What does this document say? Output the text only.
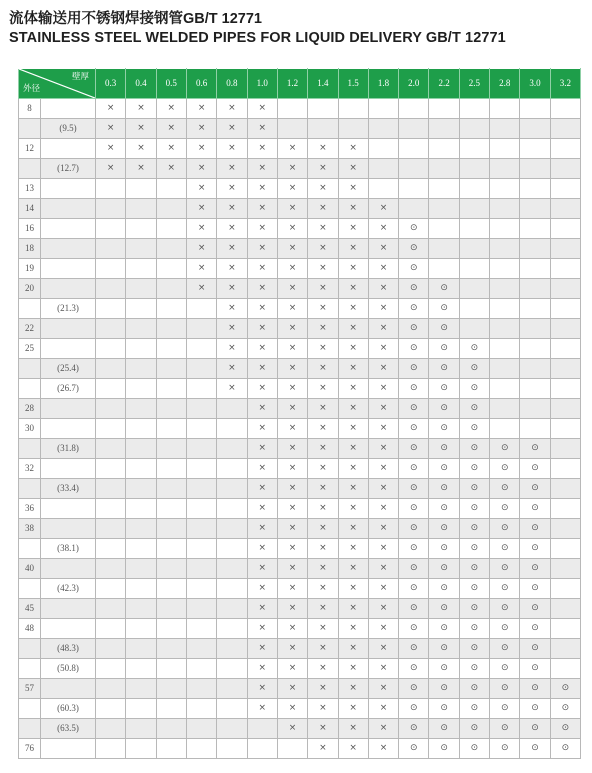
流体输送用不锈钢焊接钢管GB/T 12771
STAINLESS STEEL WELDED PIPES FOR LIQUID DELIVERY GB/T 12771
壁厚
外径		0.3	0.4	0.5	0.6	0.8	1.0	1.2	1.4	1.5	1.8	2.0	2.2	2.5	2.8	3.0	3.2
8		×	×	×	×	×	×										
	(9.5)	×	×	×	×	×	×										
12		×	×	×	×	×	×	×	×	×							
	(12.7)	×	×	×	×	×	×	×	×	×							
13					×	×	×	×	×	×							
14					×	×	×	×	×	×	×						
16					×	×	×	×	×	×	×	⊙					
18					×	×	×	×	×	×	×	⊙					
19					×	×	×	×	×	×	×	⊙					
20					×	×	×	×	×	×	×	⊙	⊙				
	(21.3)					×	×	×	×	×	×	⊙	⊙				
22						×	×	×	×	×	×	⊙	⊙				
25						×	×	×	×	×	×	⊙	⊙	⊙			
	(25.4)					×	×	×	×	×	×	⊙	⊙	⊙			
	(26.7)					×	×	×	×	×	×	⊙	⊙	⊙			
28							×	×	×	×	×	⊙	⊙	⊙			
30							×	×	×	×	×	⊙	⊙	⊙			
	(31.8)						×	×	×	×	×	⊙	⊙	⊙	⊙	⊙	
32							×	×	×	×	×	⊙	⊙	⊙	⊙	⊙	
	(33.4)						×	×	×	×	×	⊙	⊙	⊙	⊙	⊙	
36							×	×	×	×	×	⊙	⊙	⊙	⊙	⊙	
38							×	×	×	×	×	⊙	⊙	⊙	⊙	⊙	
	(38.1)						×	×	×	×	×	⊙	⊙	⊙	⊙	⊙	
40							×	×	×	×	×	⊙	⊙	⊙	⊙	⊙	
	(42.3)						×	×	×	×	×	⊙	⊙	⊙	⊙	⊙	
45							×	×	×	×	×	⊙	⊙	⊙	⊙	⊙	
48							×	×	×	×	×	⊙	⊙	⊙	⊙	⊙	
	(48.3)						×	×	×	×	×	⊙	⊙	⊙	⊙	⊙	
	(50.8)						×	×	×	×	×	⊙	⊙	⊙	⊙	⊙	
57							×	×	×	×	×	⊙	⊙	⊙	⊙	⊙	⊙
	(60.3)						×	×	×	×	×	⊙	⊙	⊙	⊙	⊙	⊙
	(63.5)							×	×	×	×	⊙	⊙	⊙	⊙	⊙	⊙
76									×	×	×	⊙	⊙	⊙	⊙	⊙	⊙
